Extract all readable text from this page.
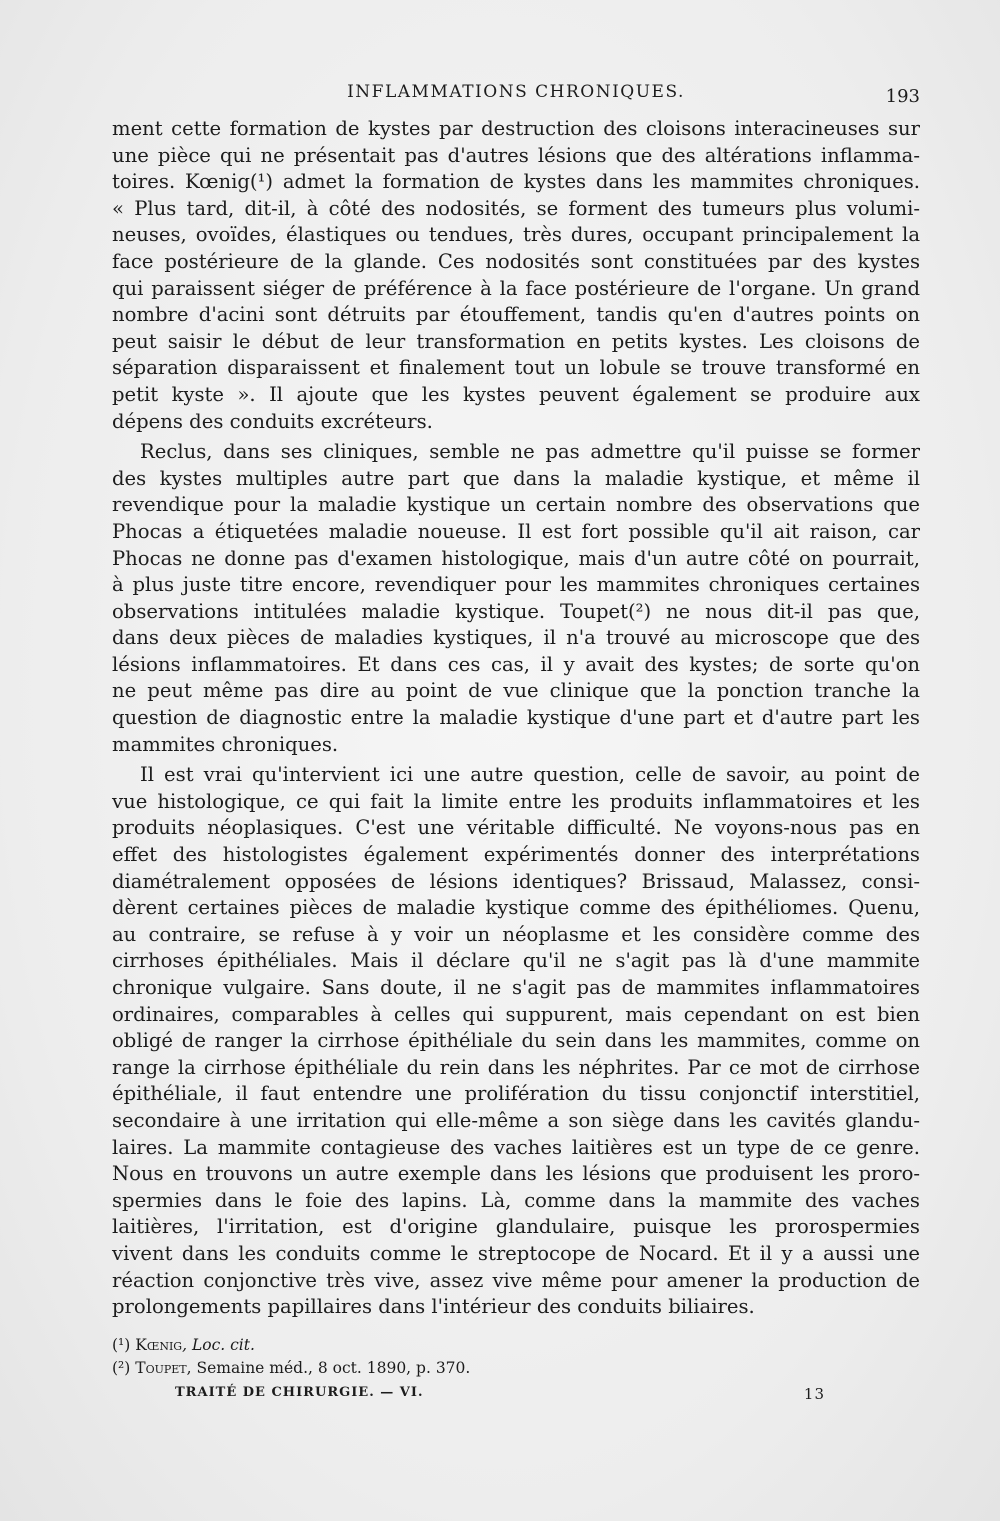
INFLAMMATIONS CHRONIQUES.	193
ment cette formation de kystes par destruction des cloisons interacineuses sur
une pièce qui ne présentait pas d'autres lésions que des altérations inflamma-
toires. Kœnig(¹) admet la formation de kystes dans les mammites chroniques.
« Plus tard, dit-il, à côté des nodosités, se forment des tumeurs plus volumi-
neuses, ovoïdes, élastiques ou tendues, très dures, occupant principalement la
face postérieure de la glande. Ces nodosités sont constituées par des kystes
qui paraissent siéger de préférence à la face postérieure de l'organe. Un grand
nombre d'acini sont détruits par étouffement, tandis qu'en d'autres points on
peut saisir le début de leur transformation en petits kystes. Les cloisons de
séparation disparaissent et finalement tout un lobule se trouve transformé en
petit kyste ». Il ajoute que les kystes peuvent également se produire aux
dépens des conduits excréteurs.
Reclus, dans ses cliniques, semble ne pas admettre qu'il puisse se former
des kystes multiples autre part que dans la maladie kystique, et même il
revendique pour la maladie kystique un certain nombre des observations que
Phocas a étiquetées maladie noueuse. Il est fort possible qu'il ait raison, car
Phocas ne donne pas d'examen histologique, mais d'un autre côté on pourrait,
à plus juste titre encore, revendiquer pour les mammites chroniques certaines
observations intitulées maladie kystique. Toupet(²) ne nous dit-il pas que,
dans deux pièces de maladies kystiques, il n'a trouvé au microscope que des
lésions inflammatoires. Et dans ces cas, il y avait des kystes; de sorte qu'on
ne peut même pas dire au point de vue clinique que la ponction tranche la
question de diagnostic entre la maladie kystique d'une part et d'autre part les
mammites chroniques.
Il est vrai qu'intervient ici une autre question, celle de savoir, au point de
vue histologique, ce qui fait la limite entre les produits inflammatoires et les
produits néoplasiques. C'est une véritable difficulté. Ne voyons-nous pas en
effet des histologistes également expérimentés donner des interprétations
diamétralement opposées de lésions identiques? Brissaud, Malassez, consi-
dèrent certaines pièces de maladie kystique comme des épithéliomes. Quenu,
au contraire, se refuse à y voir un néoplasme et les considère comme des
cirrhoses épithéliales. Mais il déclare qu'il ne s'agit pas là d'une mammite
chronique vulgaire. Sans doute, il ne s'agit pas de mammites inflammatoires
ordinaires, comparables à celles qui suppurent, mais cependant on est bien
obligé de ranger la cirrhose épithéliale du sein dans les mammites, comme on
range la cirrhose épithéliale du rein dans les néphrites. Par ce mot de cirrhose
épithéliale, il faut entendre une prolifération du tissu conjonctif interstitiel,
secondaire à une irritation qui elle-même a son siège dans les cavités glandu-
laires. La mammite contagieuse des vaches laitières est un type de ce genre.
Nous en trouvons un autre exemple dans les lésions que produisent les proro-
spermies dans le foie des lapins. Là, comme dans la mammite des vaches
laitières, l'irritation, est d'origine glandulaire, puisque les prorospermies
vivent dans les conduits comme le streptocope de Nocard. Et il y a aussi une
réaction conjonctive très vive, assez vive même pour amener la production de
prolongements papillaires dans l'intérieur des conduits biliaires.
(¹) Kœnig, Loc. cit.
(²) Toupet, Semaine méd., 8 oct. 1890, p. 370.
TRAITÉ DE CHIRURGIE. — VI.	13
